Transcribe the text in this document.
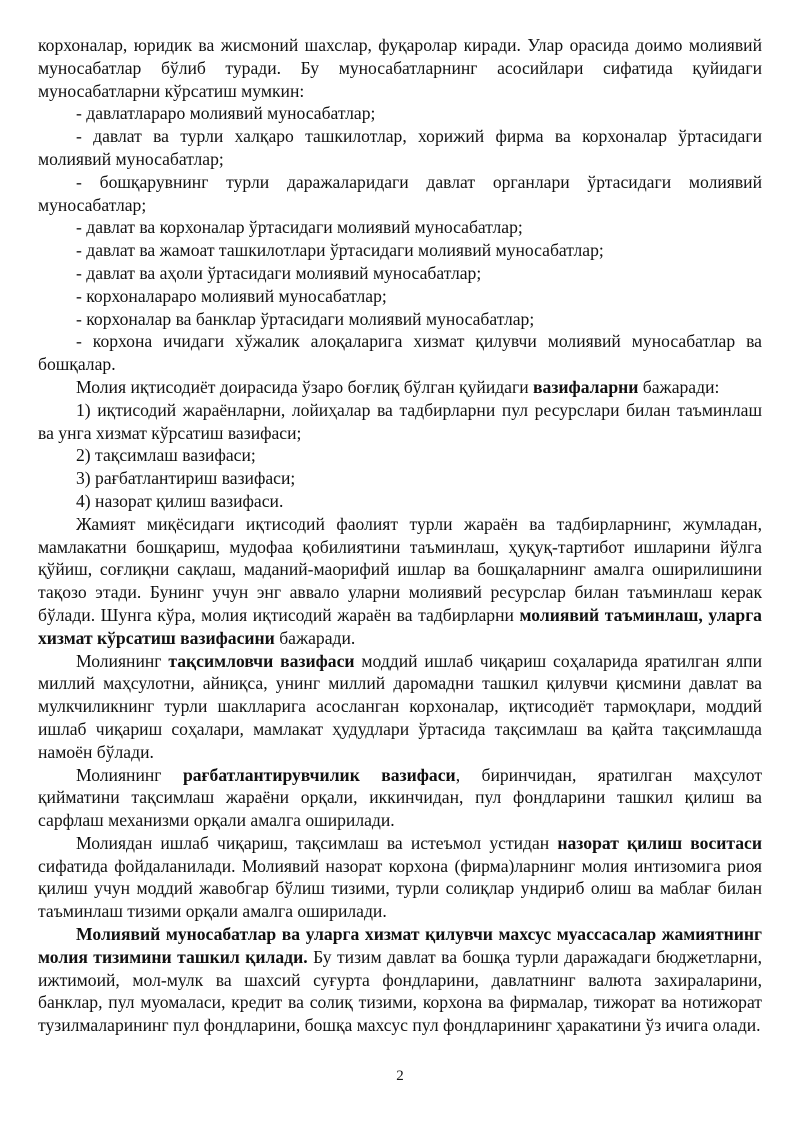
корхоналар, юридик ва жисмоний шахслар, фуқаролар киради. Улар орасида доимо молиявий муносабатлар бўлиб туради. Бу муносабатларнинг асосийлари сифатида қуйидаги муносабатларни кўрсатиш мумкин:

- давлатлараро молиявий муносабатлар;

- давлат ва турли халқаро ташкилотлар, хорижий фирма ва корхоналар ўртасидаги молиявий муносабатлар;

- бошқарувнинг турли даражаларидаги давлат органлари ўртасидаги молиявий муносабатлар;

- давлат ва корхоналар ўртасидаги молиявий муносабатлар;

- давлат ва жамоат ташкилотлари ўртасидаги молиявий муносабатлар;

- давлат ва аҳоли ўртасидаги молиявий муносабатлар;

- корхоналараро молиявий муносабатлар;

- корхоналар ва банклар ўртасидаги молиявий муносабатлар;

- корхона ичидаги хўжалик алоқаларига хизмат қилувчи молиявий муносабатлар ва бошқалар.

Молия иқтисодиёт доирасида ўзаро боғлиқ бўлган қуйидаги вазифаларни бажаради:

1) иқтисодий жараёнларни, лойиҳалар ва тадбирларни пул ресурслари билан таъминлаш ва унга хизмат кўрсатиш вазифаси;

2) тақсимлаш вазифаси;

3) рағбатлантириш вазифаси;

4) назорат қилиш вазифаси.

Жамият миқёсидаги иқтисодий фаолият турли жараён ва тадбирларнинг, жумладан, мамлакатни бошқариш, мудофаа қобилиятини таъминлаш, ҳуқуқ-тартибот ишларини йўлга қўйиш, соғлиқни сақлаш, маданий-маорифий ишлар ва бошқаларнинг амалга оширилишини тақозо этади. Бунинг учун энг аввало уларни молиявий ресурслар билан таъминлаш керак бўлади. Шунга кўра, молия иқтисодий жараён ва тадбирларни молиявий таъминлаш, уларга хизмат кўрсатиш вазифасини бажаради.

Молиянинг тақсимловчи вазифаси моддий ишлаб чиқариш соҳаларида яратилган ялпи миллий маҳсулотни, айниқса, унинг миллий даромадни ташкил қилувчи қисмини давлат ва мулкчиликнинг турли шаклларига асосланган корхоналар, иқтисодиёт тармоқлари, моддий ишлаб чиқариш соҳалари, мамлакат ҳудудлари ўртасида тақсимлаш ва қайта тақсимлашда намоён бўлади.

Молиянинг рағбатлантирувчилик вазифаси, биринчидан, яратилган маҳсулот қийматини тақсимлаш жараёни орқали, иккинчидан, пул фондларини ташкил қилиш ва сарфлаш механизми орқали амалга оширилади.

Молиядан ишлаб чиқариш, тақсимлаш ва истеъмол устидан назорат қилиш воситаси сифатида фойдаланилади. Молиявий назорат корхона (фирма)ларнинг молия интизомига риоя қилиш учун моддий жавобгар бўлиш тизими, турли солиқлар ундириб олиш ва маблағ билан таъминлаш тизими орқали амалга оширилади.

Молиявий муносабатлар ва уларга хизмат қилувчи махсус муассасалар жамиятнинг молия тизимини ташкил қилади. Бу тизим давлат ва бошқа турли даражадаги бюджетларни, ижтимоий, мол-мулк ва шахсий суғурта фондларини, давлатнинг валюта захираларини, банклар, пул муомаласи, кредит ва солиқ тизими, корхона ва фирмалар, тижорат ва нотижорат тузилмаларининг пул фондларини, бошқа махсус пул фондларининг ҳаракатини ўз ичига олади.

2
